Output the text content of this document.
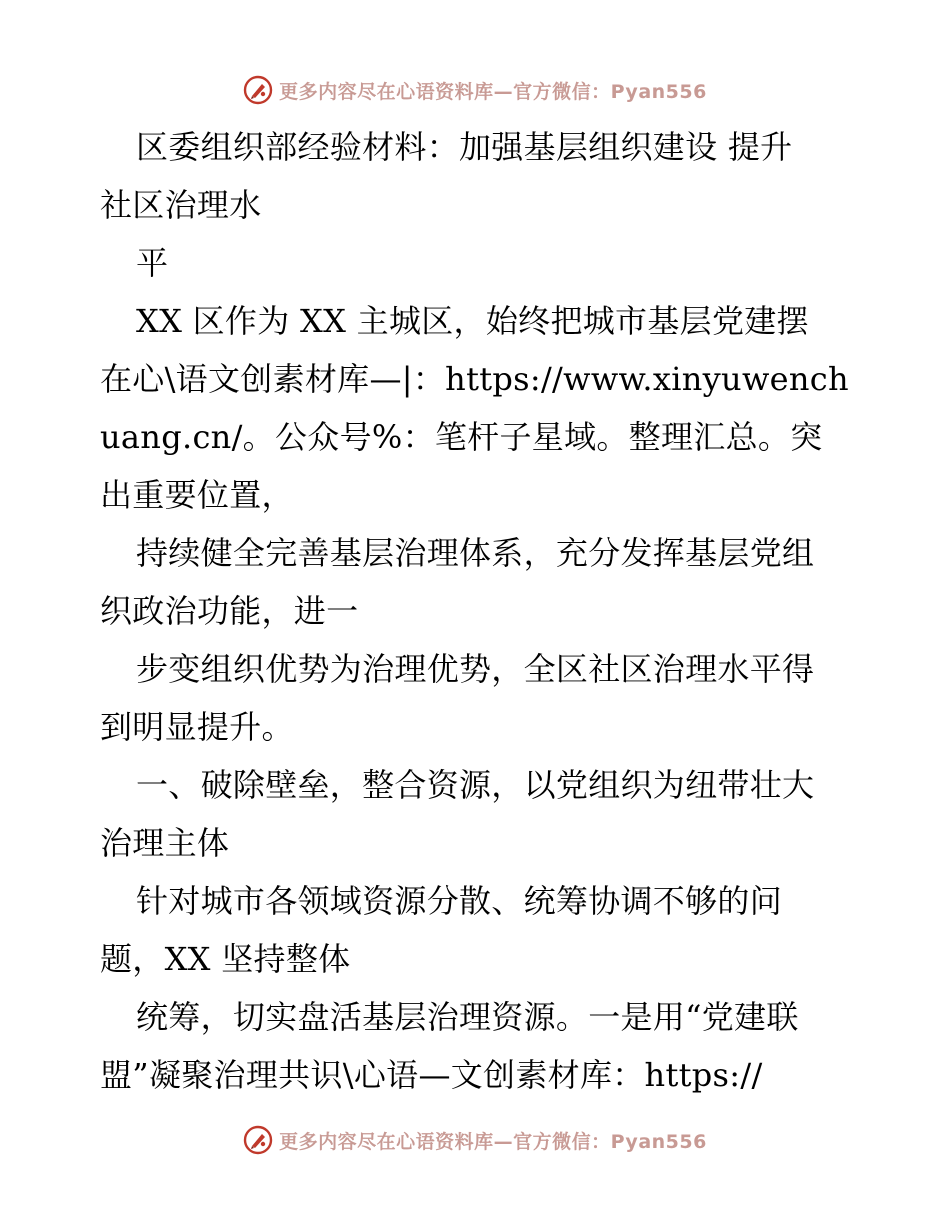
更多内容尽在心语资料库—官方微信：Pyan556
区委组织部经验材料：加强基层组织建设 提升
社区治理水
平
XX 区作为 XX 主城区，始终把城市基层党建摆
在心\语文创素材库—|：https://www.xinyuwench
uang.cn/。公众号%：笔杆子星域。整理汇总。突
出重要位置，
持续健全完善基层治理体系，充分发挥基层党组
织政治功能，进一
步变组织优势为治理优势，全区社区治理水平得
到明显提升。
一、破除壁垒，整合资源，以党组织为纽带壮大
治理主体
针对城市各领域资源分散、统筹协调不够的问
题，XX 坚持整体
统筹，切实盘活基层治理资源。一是用“党建联
盟”凝聚治理共识\心语—文创素材库：https://
更多内容尽在心语资料库—官方微信：Pyan556
